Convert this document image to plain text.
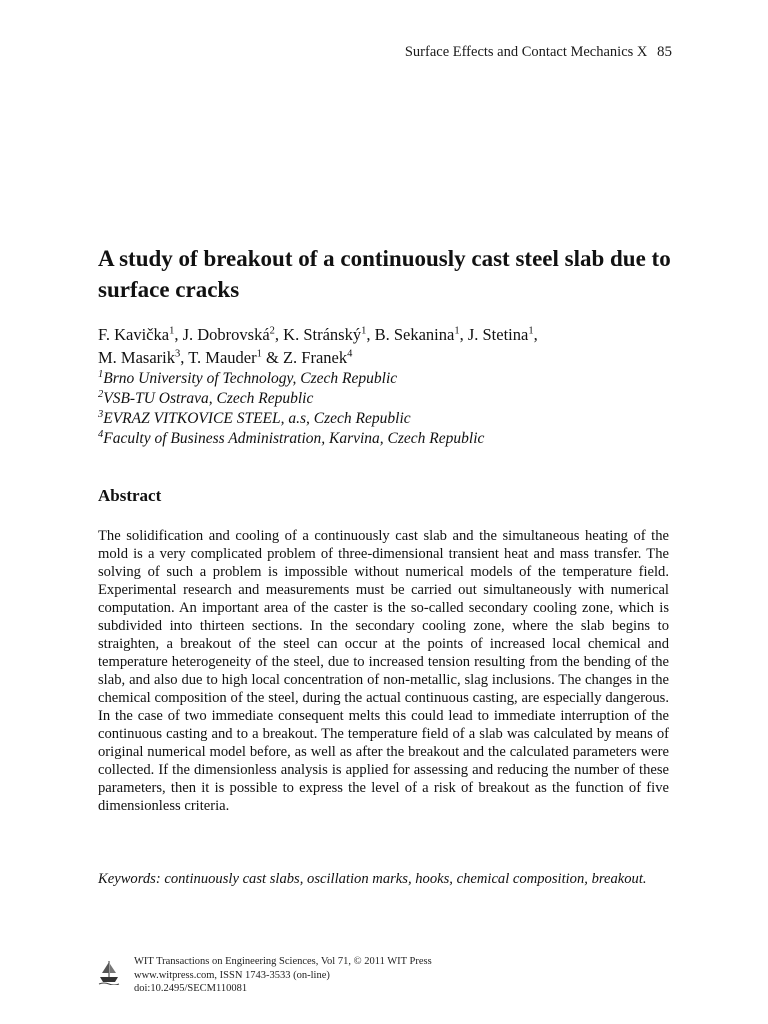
Surface Effects and Contact Mechanics X 85
A study of breakout of a continuously cast steel slab due to surface cracks

F. Kavička$^1$, J. Dobrovská$^2$, K. Stránský$^1$, B. Sekanina$^1$, J. Stetina$^1$,
M. Masarik$^3$, T. Mauder$^1$ & Z. Franek$^4$

$^1$Brno University of Technology, Czech Republic
$^2$VSB-TU Ostrava, Czech Republic
$^3$EVRAZ VITKOVICE STEEL, a.s, Czech Republic
$^4$Faculty of Business Administration, Karvina, Czech Republic
Abstract

The solidification and cooling of a continuously cast slab and the simultaneous heating of the mold is a very complicated problem of three-dimensional transient heat and mass transfer. The solving of such a problem is impossible without numerical models of the temperature field. Experimental research and measurements must be carried out simultaneously with numerical computation. An important area of the caster is the so-called secondary cooling zone, which is subdivided into thirteen sections. In the secondary cooling zone, where the slab begins to straighten, a breakout of the steel can occur at the points of increased local chemical and temperature heterogeneity of the steel, due to increased tension resulting from the bending of the slab, and also due to high local concentration of non-metallic, slag inclusions. The changes in the chemical composition of the steel, during the actual continuous casting, are especially dangerous. In the case of two immediate consequent melts this could lead to immediate interruption of the continuous casting and to a breakout. The temperature field of a slab was calculated by means of original numerical model before, as well as after the breakout and the calculated parameters were collected. If the dimensionless analysis is applied for assessing and reducing the number of these parameters, then it is possible to express the level of a risk of breakout as the function of five dimensionless criteria.

Keywords: continuously cast slabs, oscillation marks, hooks, chemical composition, breakout.

WIT Transactions on Engineering Sciences, Vol 71, © 2011 WIT Press
www.witpress.com, ISSN 1743-3533 (on-line)
doi:10.2495/SECM110081
